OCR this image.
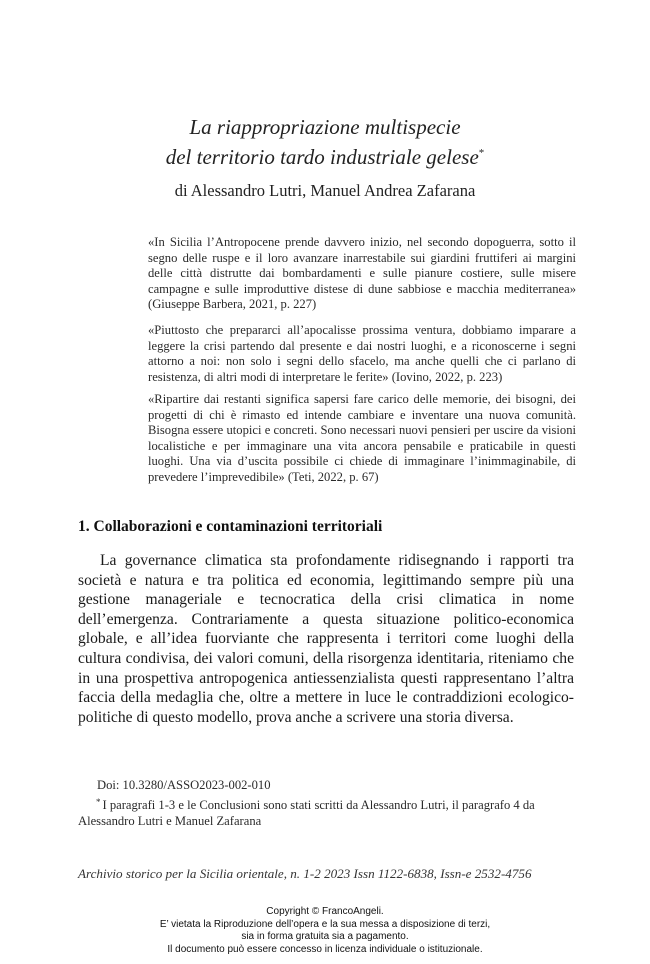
La riappropriazione multispecie
del territorio tardo industriale gelese*
di Alessandro Lutri, Manuel Andrea Zafarana
«In Sicilia l’Antropocene prende davvero inizio, nel secondo dopoguerra, sotto il segno delle ruspe e il loro avanzare inarrestabile sui giardini fruttiferi ai margini delle città distrutte dai bombardamenti e sulle pianure costiere, sulle misere campagne e sulle improduttive distese di dune sabbiose e macchia mediterranea» (Giuseppe Barbera, 2021, p. 227)
«Piuttosto che prepararci all’apocalisse prossima ventura, dobbiamo imparare a leggere la crisi partendo dal presente e dai nostri luoghi, e a riconoscerne i segni attorno a noi: non solo i segni dello sfacelo, ma anche quelli che ci parlano di resistenza, di altri modi di interpretare le ferite» (Iovino, 2022, p. 223)
«Ripartire dai restanti significa sapersi fare carico delle memorie, dei bisogni, dei progetti di chi è rimasto ed intende cambiare e inventare una nuova comunità. Bisogna essere utopici e concreti. Sono necessari nuovi pensieri per uscire da visioni localistiche e per immaginare una vita ancora pensabile e praticabile in questi luoghi. Una via d’uscita possibile ci chiede di immaginare l’inimmaginabile, di prevedere l’imprevedibile» (Teti, 2022, p. 67)
1. Collaborazioni e contaminazioni territoriali
La governance climatica sta profondamente ridisegnando i rapporti tra società e natura e tra politica ed economia, legittimando sempre più una gestione manageriale e tecnocratica della crisi climatica in nome dell’emergenza. Contrariamente a questa situazione politico-economica globale, e all’idea fuorviante che rappresenta i territori come luoghi della cultura condivisa, dei valori comuni, della risorgenza identitaria, riteniamo che in una prospettiva antropogenica antiessenzialista questi rappresentano l’altra faccia della medaglia che, oltre a mettere in luce le contraddizioni ecologico-politiche di questo modello, prova anche a scrivere una storia diversa.
Doi: 10.3280/ASSO2023-002-010
* I paragrafi 1-3 e le Conclusioni sono stati scritti da Alessandro Lutri, il paragrafo 4 da Alessandro Lutri e Manuel Zafarana
Archivio storico per la Sicilia orientale, n. 1-2 2023 Issn 1122-6838, Issn-e 2532-4756
Copyright © FrancoAngeli.
E’ vietata la Riproduzione dell’opera e la sua messa a disposizione di terzi,
sia in forma gratuita sia a pagamento.
Il documento può essere concesso in licenza individuale o istituzionale.
